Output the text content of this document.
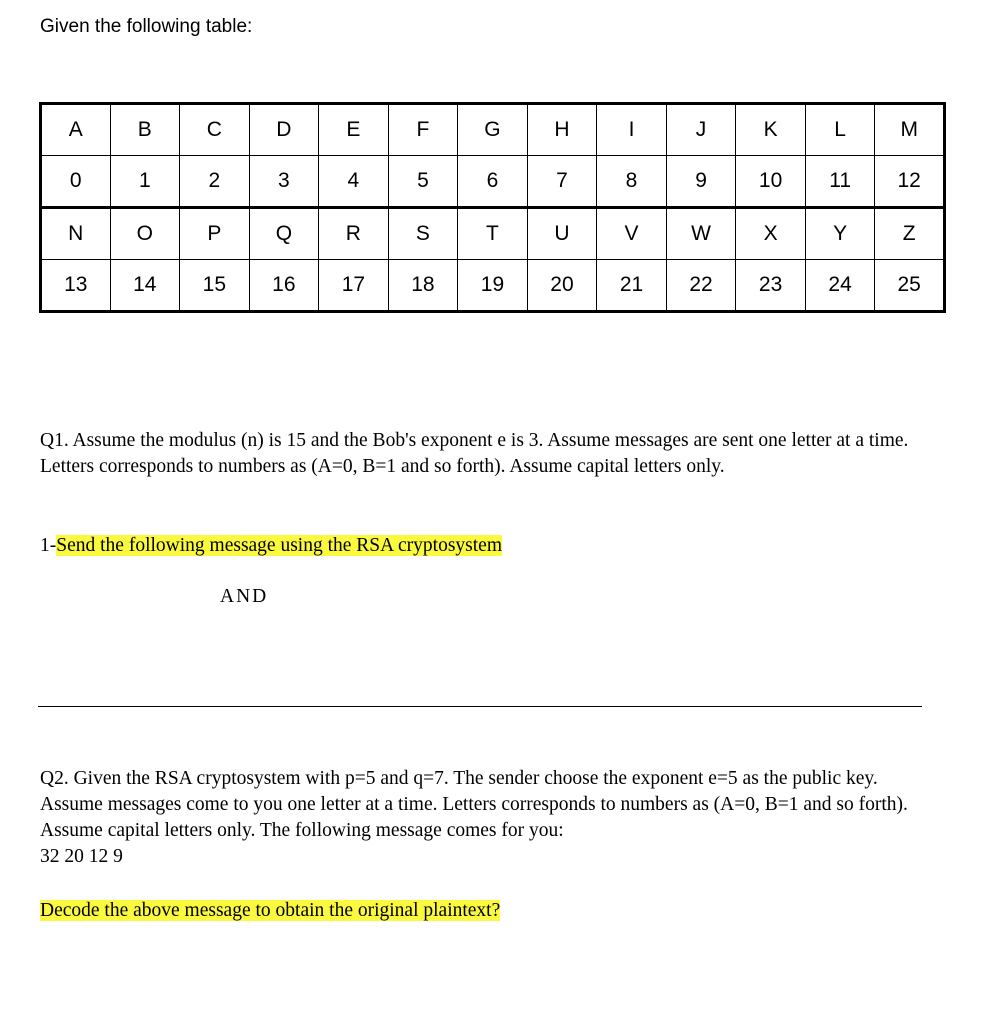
Given the following table:

A	B	C	D	E	F	G	H	I	J	K	L	M
0	1	2	3	4	5	6	7	8	9	10	11	12
N	O	P	Q	R	S	T	U	V	W	X	Y	Z
13	14	15	16	17	18	19	20	21	22	23	24	25
Q1. Assume the modulus (n) is 15 and the Bob's exponent e is 3. Assume messages are sent one letter at a time. Letters corresponds to numbers as (A=0, B=1 and so forth). Assume capital letters only.

1-Send the following message using the RSA cryptosystem

AND

Q2. Given the RSA cryptosystem with p=5 and q=7. The sender choose the exponent e=5 as the public key. Assume messages come to you one letter at a time. Letters corresponds to numbers as (A=0, B=1 and so forth). Assume capital letters only. The following message comes for you:
32 20 12 9

Decode the above message to obtain the original plaintext?
